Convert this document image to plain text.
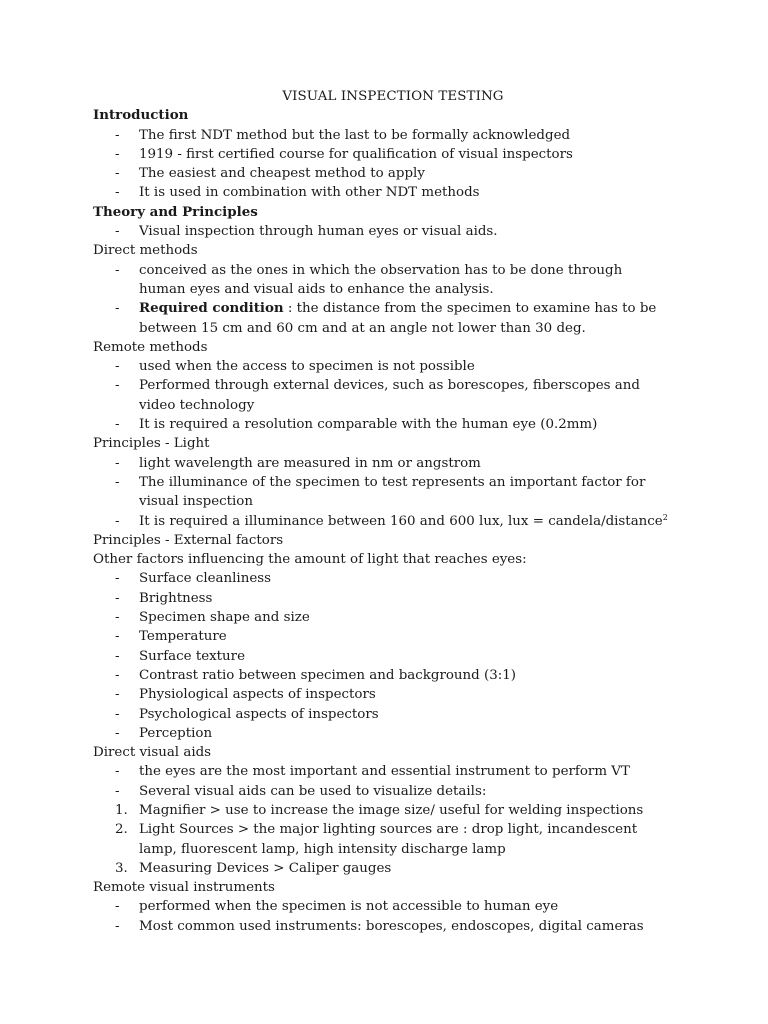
VISUAL INSPECTION TESTING
Introduction
-	The first NDT method but the last to be formally acknowledged
-	1919 - first certified course for qualification of visual inspectors
-	The easiest and cheapest method to apply
-	It is used in combination with other NDT methods
Theory and Principles
-	Visual inspection through human eyes or visual aids.
Direct methods
-	conceived as the ones in which the observation has to be done through human eyes and visual aids to enhance the analysis.
-	Required condition : the distance from the specimen to examine has to be between 15 cm and 60 cm and at an angle not lower than 30 deg.
Remote methods
-	used when the access to specimen is not possible
-	Performed through external devices, such as borescopes, fiberscopes and video technology
-	It is required a resolution comparable with the human eye (0.2mm)
Principles - Light
-	light wavelength are measured in nm or angstrom
-	The illuminance of the specimen to test represents an important factor for visual inspection
-	It is required a illuminance between 160 and 600 lux, lux = candela/distance$^2$
Principles - External factors
Other factors influencing the amount of light that reaches eyes:
-	Surface cleanliness
-	Brightness
-	Specimen shape and size
-	Temperature
-	Surface texture
-	Contrast ratio between specimen and background (3:1)
-	Physiological aspects of inspectors
-	Psychological aspects of inspectors
-	Perception
Direct visual aids
-	the eyes are the most important and essential instrument to perform VT
-	Several visual aids can be used to visualize details:
1. Magnifier > use to increase the image size/ useful for welding inspections
2. Light Sources > the major lighting sources are : drop light, incandescent lamp, fluorescent lamp, high intensity discharge lamp
3. Measuring Devices > Caliper gauges
Remote visual instruments
-	performed when the specimen is not accessible to human eye
-	Most common used instruments: borescopes, endoscopes, digital cameras
